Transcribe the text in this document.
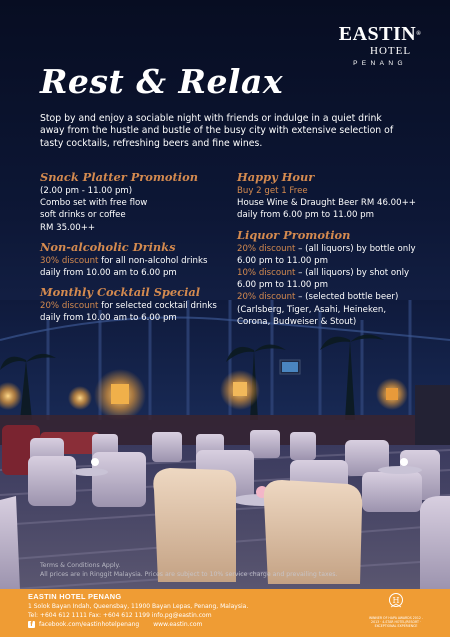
EASTIN®
HOTEL
PENANG
Rest & Relax
Stop by and enjoy a sociable night with friends or indulge in a quiet drink away from the hustle and bustle of the busy city with extensive selection of tasty cocktails, refreshing beers and fine wines.
Snack Platter Promotion
(2.00 pm - 11.00 pm)
Combo set with free flow
soft drinks or coffee
RM 35.00++
Non-alcoholic Drinks
30% discount for all non-alcohol drinks
daily from 10.00 am to 6.00 pm
Monthly Cocktail Special
20% discount for selected cocktail drinks
daily from 10.00 am to 6.00 pm
Happy Hour
Buy 2 get 1 Free
House Wine & Draught Beer RM 46.00++
daily from 6.00 pm to 11.00 pm
Liquor Promotion
20% discount – (all liquors) by bottle only
6.00 pm to 11.00 pm
10% discount – (all liquors) by shot only
6.00 pm to 11.00 pm
20% discount – (selected bottle beer)
(Carlsberg, Tiger, Asahi, Heineken,
Corona, Budweiser & Stout)
Terms & Conditions Apply.
All prices are in Ringgit Malaysia. Prices are subject to 10% service charge and prevailing taxes.
EASTIN HOTEL PENANG
1 Solok Bayan Indah, Queensbay, 11900 Bayan Lepas, Penang, Malaysia.
Tel: +604 612 1111 Fax: +604 612 1199 info.pg@eastin.com
f	facebook.com/eastinhotelpenang www.eastin.com
H
WINNER OF HAPA AWARDS 2012 - 2013 · 4-STAR HOTEL/RESORT · EXCEPTIONAL EXPERIENCE
